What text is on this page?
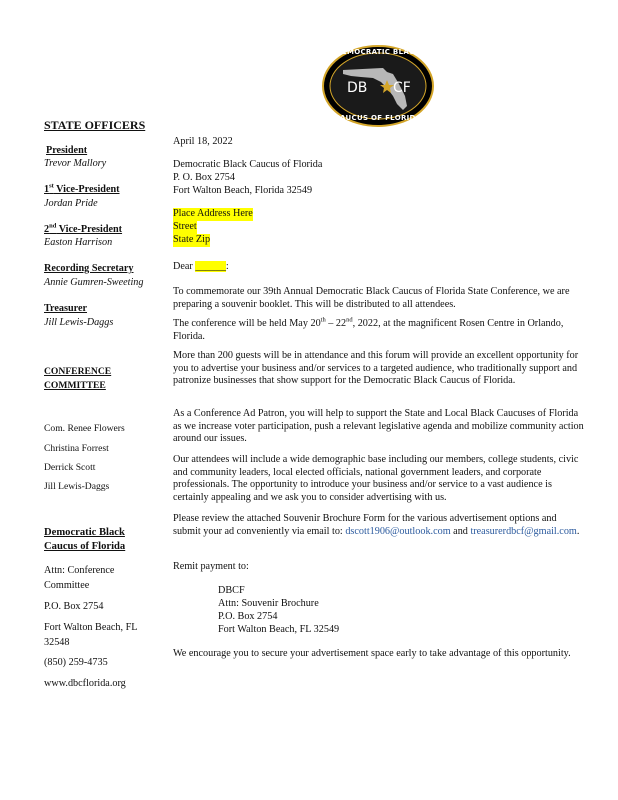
DEMOCRATIC BLACK
DB CF
CAUCUS OF FLORIDA
STATE OFFICERS
President
Trevor Mallory
1st Vice-President
Jordan Pride
2nd Vice-President
Easton Harrison
Recording Secretary
Annie Gumren-Sweeting
Treasurer
Jill Lewis-Daggs
CONFERENCE
COMMITTEE
Com. Renee Flowers
Christina Forrest
Derrick Scott
Jill Lewis-Daggs
Democratic Black
Caucus of Florida
Attn: Conference
Committee
P.O. Box 2754
Fort Walton Beach, FL
32548
(850) 259-4735
www.dbcflorida.org
April 18, 2022
Democratic Black Caucus of Florida
P. O. Box 2754
Fort Walton Beach, Florida 32549
Place Address Here
Street
State Zip
Dear ______:
To commemorate our 39th Annual Democratic Black Caucus of Florida State Conference, we are preparing a souvenir booklet. This will be distributed to all attendees.
The conference will be held May 20th – 22nd, 2022, at the magnificent Rosen Centre in Orlando, Florida.
More than 200 guests will be in attendance and this forum will provide an excellent opportunity for you to advertise your business and/or services to a targeted audience, who traditionally support and patronize businesses that show support for the Democratic Black Caucus of Florida.
As a Conference Ad Patron, you will help to support the State and Local Black Caucuses of Florida as we increase voter participation, push a relevant legislative agenda and mobilize community action around our issues.
Our attendees will include a wide demographic base including our members, college students, civic and community leaders, local elected officials, national government leaders, and corporate professionals. The opportunity to introduce your business and/or service to a vast audience is certainly appealing and we ask you to consider advertising with us.
Please review the attached Souvenir Brochure Form for the various advertisement options and submit your ad conveniently via email to: dscott1906@outlook.com and treasurerdbcf@gmail.com.
Remit payment to:
DBCF
Attn: Souvenir Brochure
P.O. Box 2754
Fort Walton Beach, FL 32549
We encourage you to secure your advertisement space early to take advantage of this opportunity.
